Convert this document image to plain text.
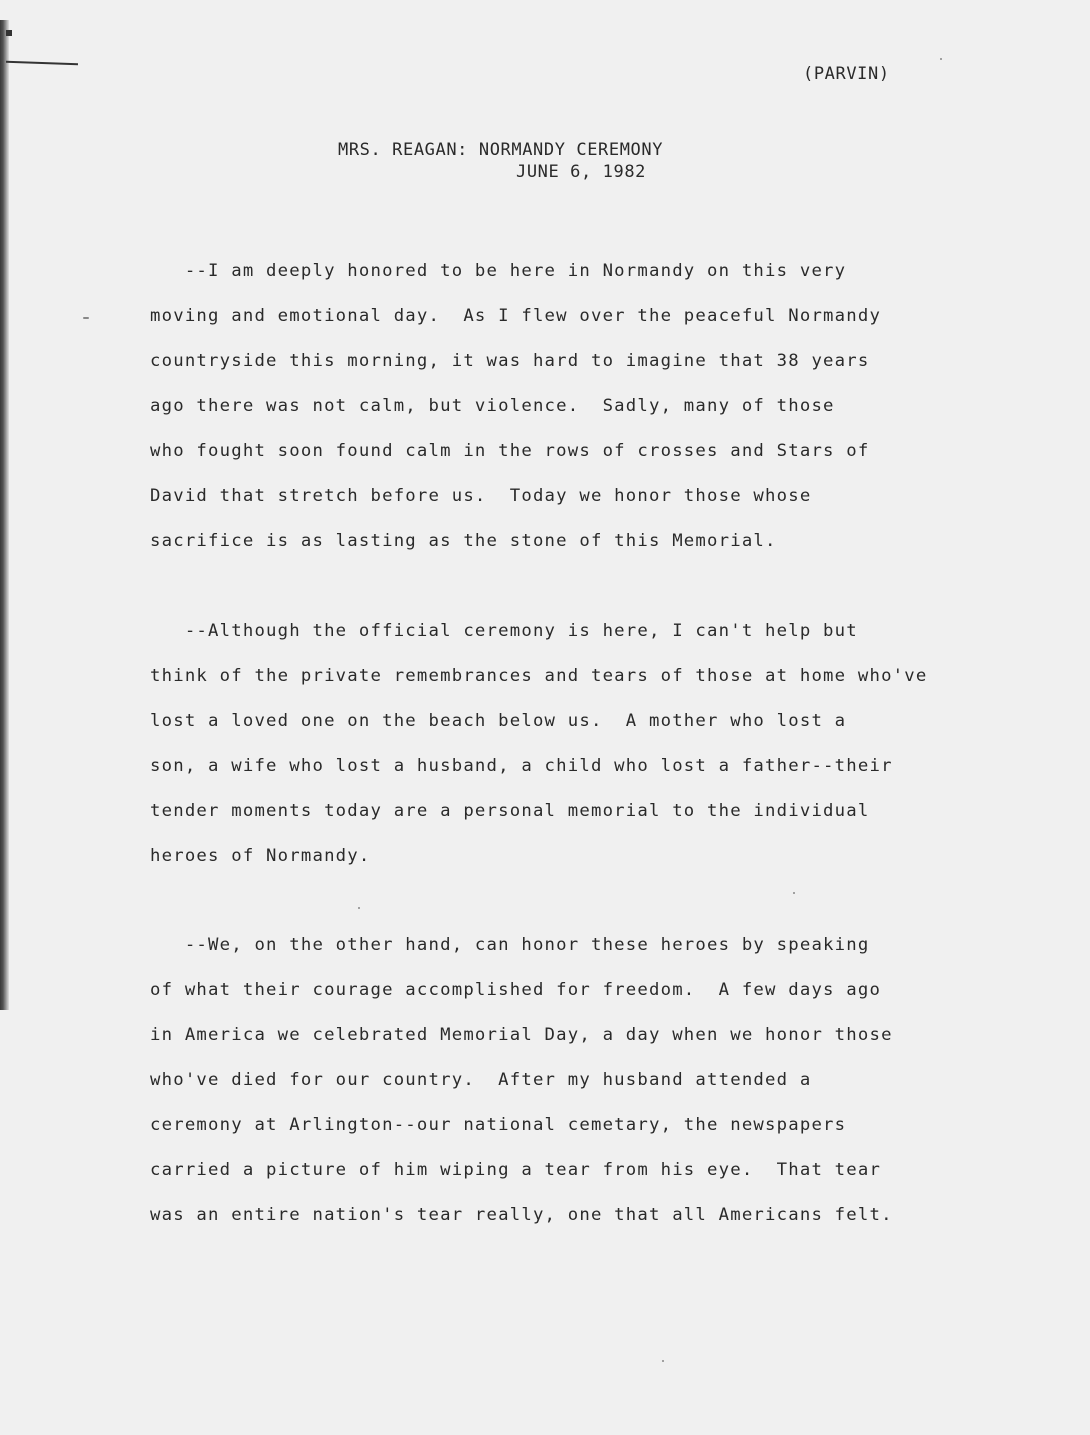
(PARVIN)
MRS. REAGAN: NORMANDY CEREMONY
JUNE 6, 1982
--I am deeply honored to be here in Normandy on this very
moving and emotional day.  As I flew over the peaceful Normandy
countryside this morning, it was hard to imagine that 38 years
ago there was not calm, but violence.  Sadly, many of those
who fought soon found calm in the rows of crosses and Stars of
David that stretch before us.  Today we honor those whose
sacrifice is as lasting as the stone of this Memorial.
--Although the official ceremony is here, I can't help but
think of the private remembrances and tears of those at home who've
lost a loved one on the beach below us.  A mother who lost a
son, a wife who lost a husband, a child who lost a father--their
tender moments today are a personal memorial to the individual
heroes of Normandy.
--We, on the other hand, can honor these heroes by speaking
of what their courage accomplished for freedom.  A few days ago
in America we celebrated Memorial Day, a day when we honor those
who've died for our country.  After my husband attended a
ceremony at Arlington--our national cemetary, the newspapers
carried a picture of him wiping a tear from his eye.  That tear
was an entire nation's tear really, one that all Americans felt.
